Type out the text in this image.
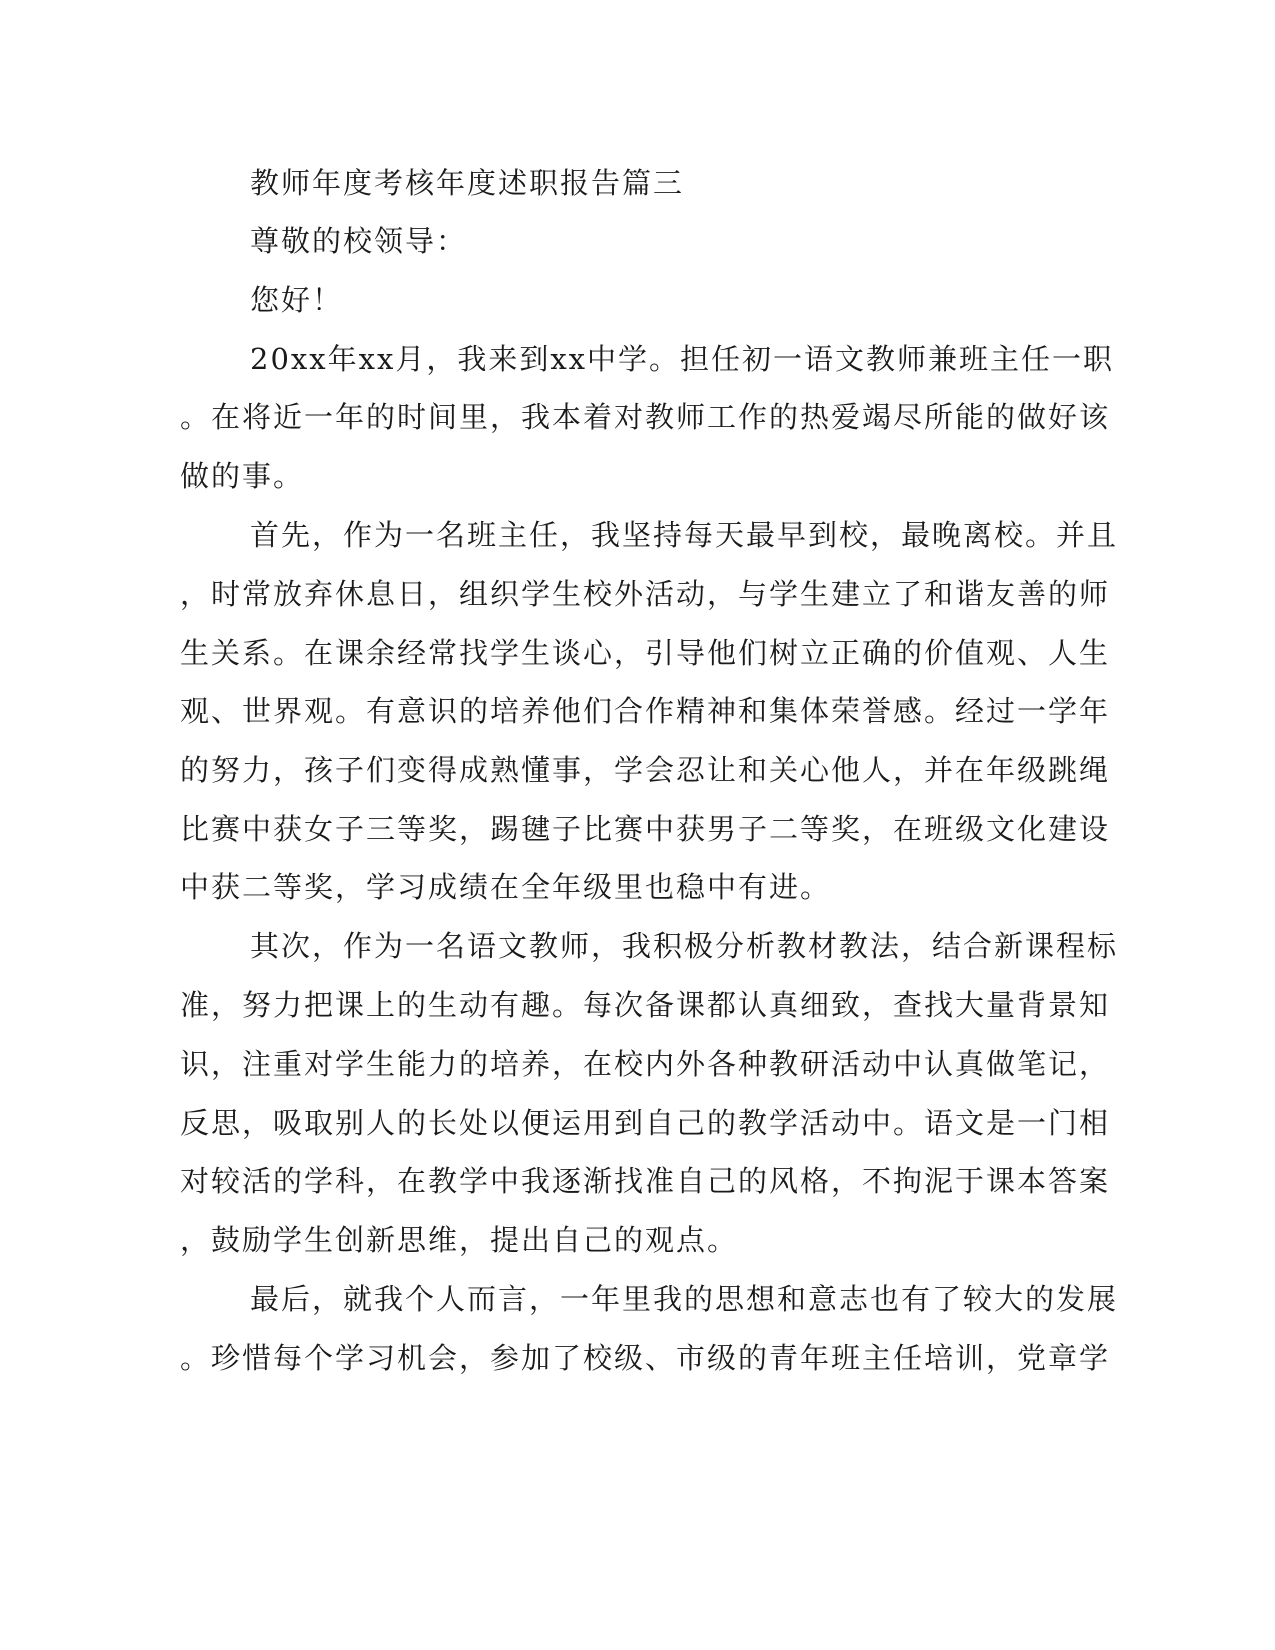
教师年度考核年度述职报告篇三
尊敬的校领导：
您好！
20xx年xx月，我来到xx中学。担任初一语文教师兼班主任一职
。在将近一年的时间里，我本着对教师工作的热爱竭尽所能的做好该
做的事。
首先，作为一名班主任，我坚持每天最早到校，最晚离校。并且
，时常放弃休息日，组织学生校外活动，与学生建立了和谐友善的师
生关系。在课余经常找学生谈心，引导他们树立正确的价值观、人生
观、世界观。有意识的培养他们合作精神和集体荣誉感。经过一学年
的努力，孩子们变得成熟懂事，学会忍让和关心他人，并在年级跳绳
比赛中获女子三等奖，踢毽子比赛中获男子二等奖，在班级文化建设
中获二等奖，学习成绩在全年级里也稳中有进。
其次，作为一名语文教师，我积极分析教材教法，结合新课程标
准，努力把课上的生动有趣。每次备课都认真细致，查找大量背景知
识，注重对学生能力的培养，在校内外各种教研活动中认真做笔记，
反思，吸取别人的长处以便运用到自己的教学活动中。语文是一门相
对较活的学科，在教学中我逐渐找准自己的风格，不拘泥于课本答案
，鼓励学生创新思维，提出自己的观点。
最后，就我个人而言，一年里我的思想和意志也有了较大的发展
。珍惜每个学习机会，参加了校级、市级的青年班主任培训，党章学
